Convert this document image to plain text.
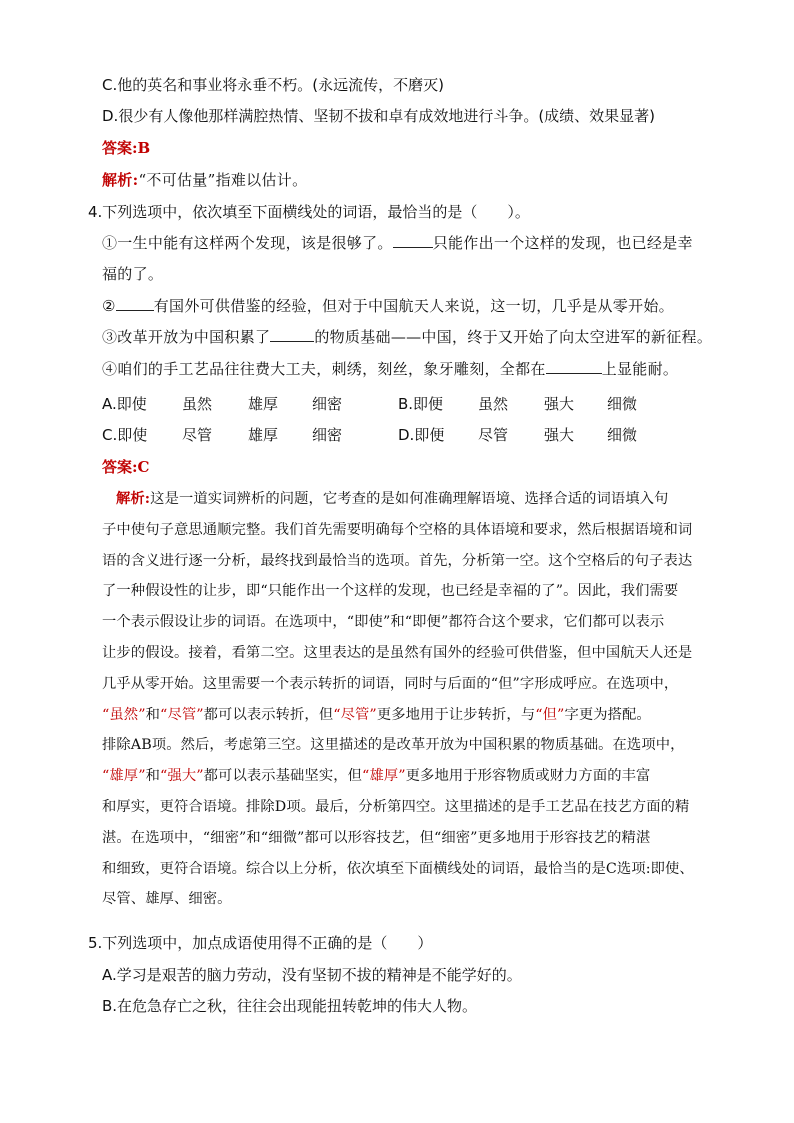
C.他的英名和事业将永垂不朽。(永远流传，不磨灭)
D.很少有人像他那样满腔热情、坚韧不拔和卓有成效地进行斗争。(成绩、效果显著)
答案:B
解析:“不可估量”指难以估计。
4.下列选项中，依次填至下面横线处的词语，最恰当的是（　　）。
①一生中能有这样两个发现，该是很够了。	只能作出一个这样的发现，也已经是幸
福的了。
②	有国外可供借鉴的经验，但对于中国航天人来说，这一切，几乎是从零开始。
③改革开放为中国积累了	的物质基础——中国，终于又开始了向太空进军的新征程。
④咱们的手工艺品往往费大工夫，刺绣，刻丝，象牙雕刻，全都在	上显能耐。
A.即使 虽然 雄厚 细密	B.即便 虽然 强大 细微
C.即使 尽管 雄厚 细密	D.即便 尽管 强大 细微
答案:C
解析:这是一道实词辨析的问题，它考查的是如何准确理解语境、选择合适的词语填入句
子中使句子意思通顺完整。我们首先需要明确每个空格的具体语境和要求，然后根据语境和词
语的含义进行逐一分析，最终找到最恰当的选项。首先，分析第一空。这个空格后的句子表达
了一种假设性的让步，即“只能作出一个这样的发现，也已经是幸福的了”。因此，我们需要
一个表示假设让步的词语。在选项中，“即使”和“即便”都符合这个要求，它们都可以表示
让步的假设。接着，看第二空。这里表达的是虽然有国外的经验可供借鉴，但中国航天人还是
几乎从零开始。这里需要一个表示转折的词语，同时与后面的“但”字形成呼应。在选项中，
“虽然”和“尽管”都可以表示转折，但“尽管”更多地用于让步转折，与“但”字更为搭配。
排除AB项。然后，考虑第三空。这里描述的是改革开放为中国积累的物质基础。在选项中，
“雄厚”和“强大”都可以表示基础坚实，但“雄厚”更多地用于形容物质或财力方面的丰富
和厚实，更符合语境。排除D项。最后，分析第四空。这里描述的是手工艺品在技艺方面的精
湛。在选项中，“细密”和“细微”都可以形容技艺，但“细密”更多地用于形容技艺的精湛
和细致，更符合语境。综合以上分析，依次填至下面横线处的词语，最恰当的是C选项:即使、
尽管、雄厚、细密。
5.下列选项中，加点成语使用得不正确的是（　　）
A.学习是艰苦的脑力劳动，没有坚韧不拔的精神是不能学好的。
B.在危急存亡之秋，往往会出现能扭转乾坤的伟大人物。
